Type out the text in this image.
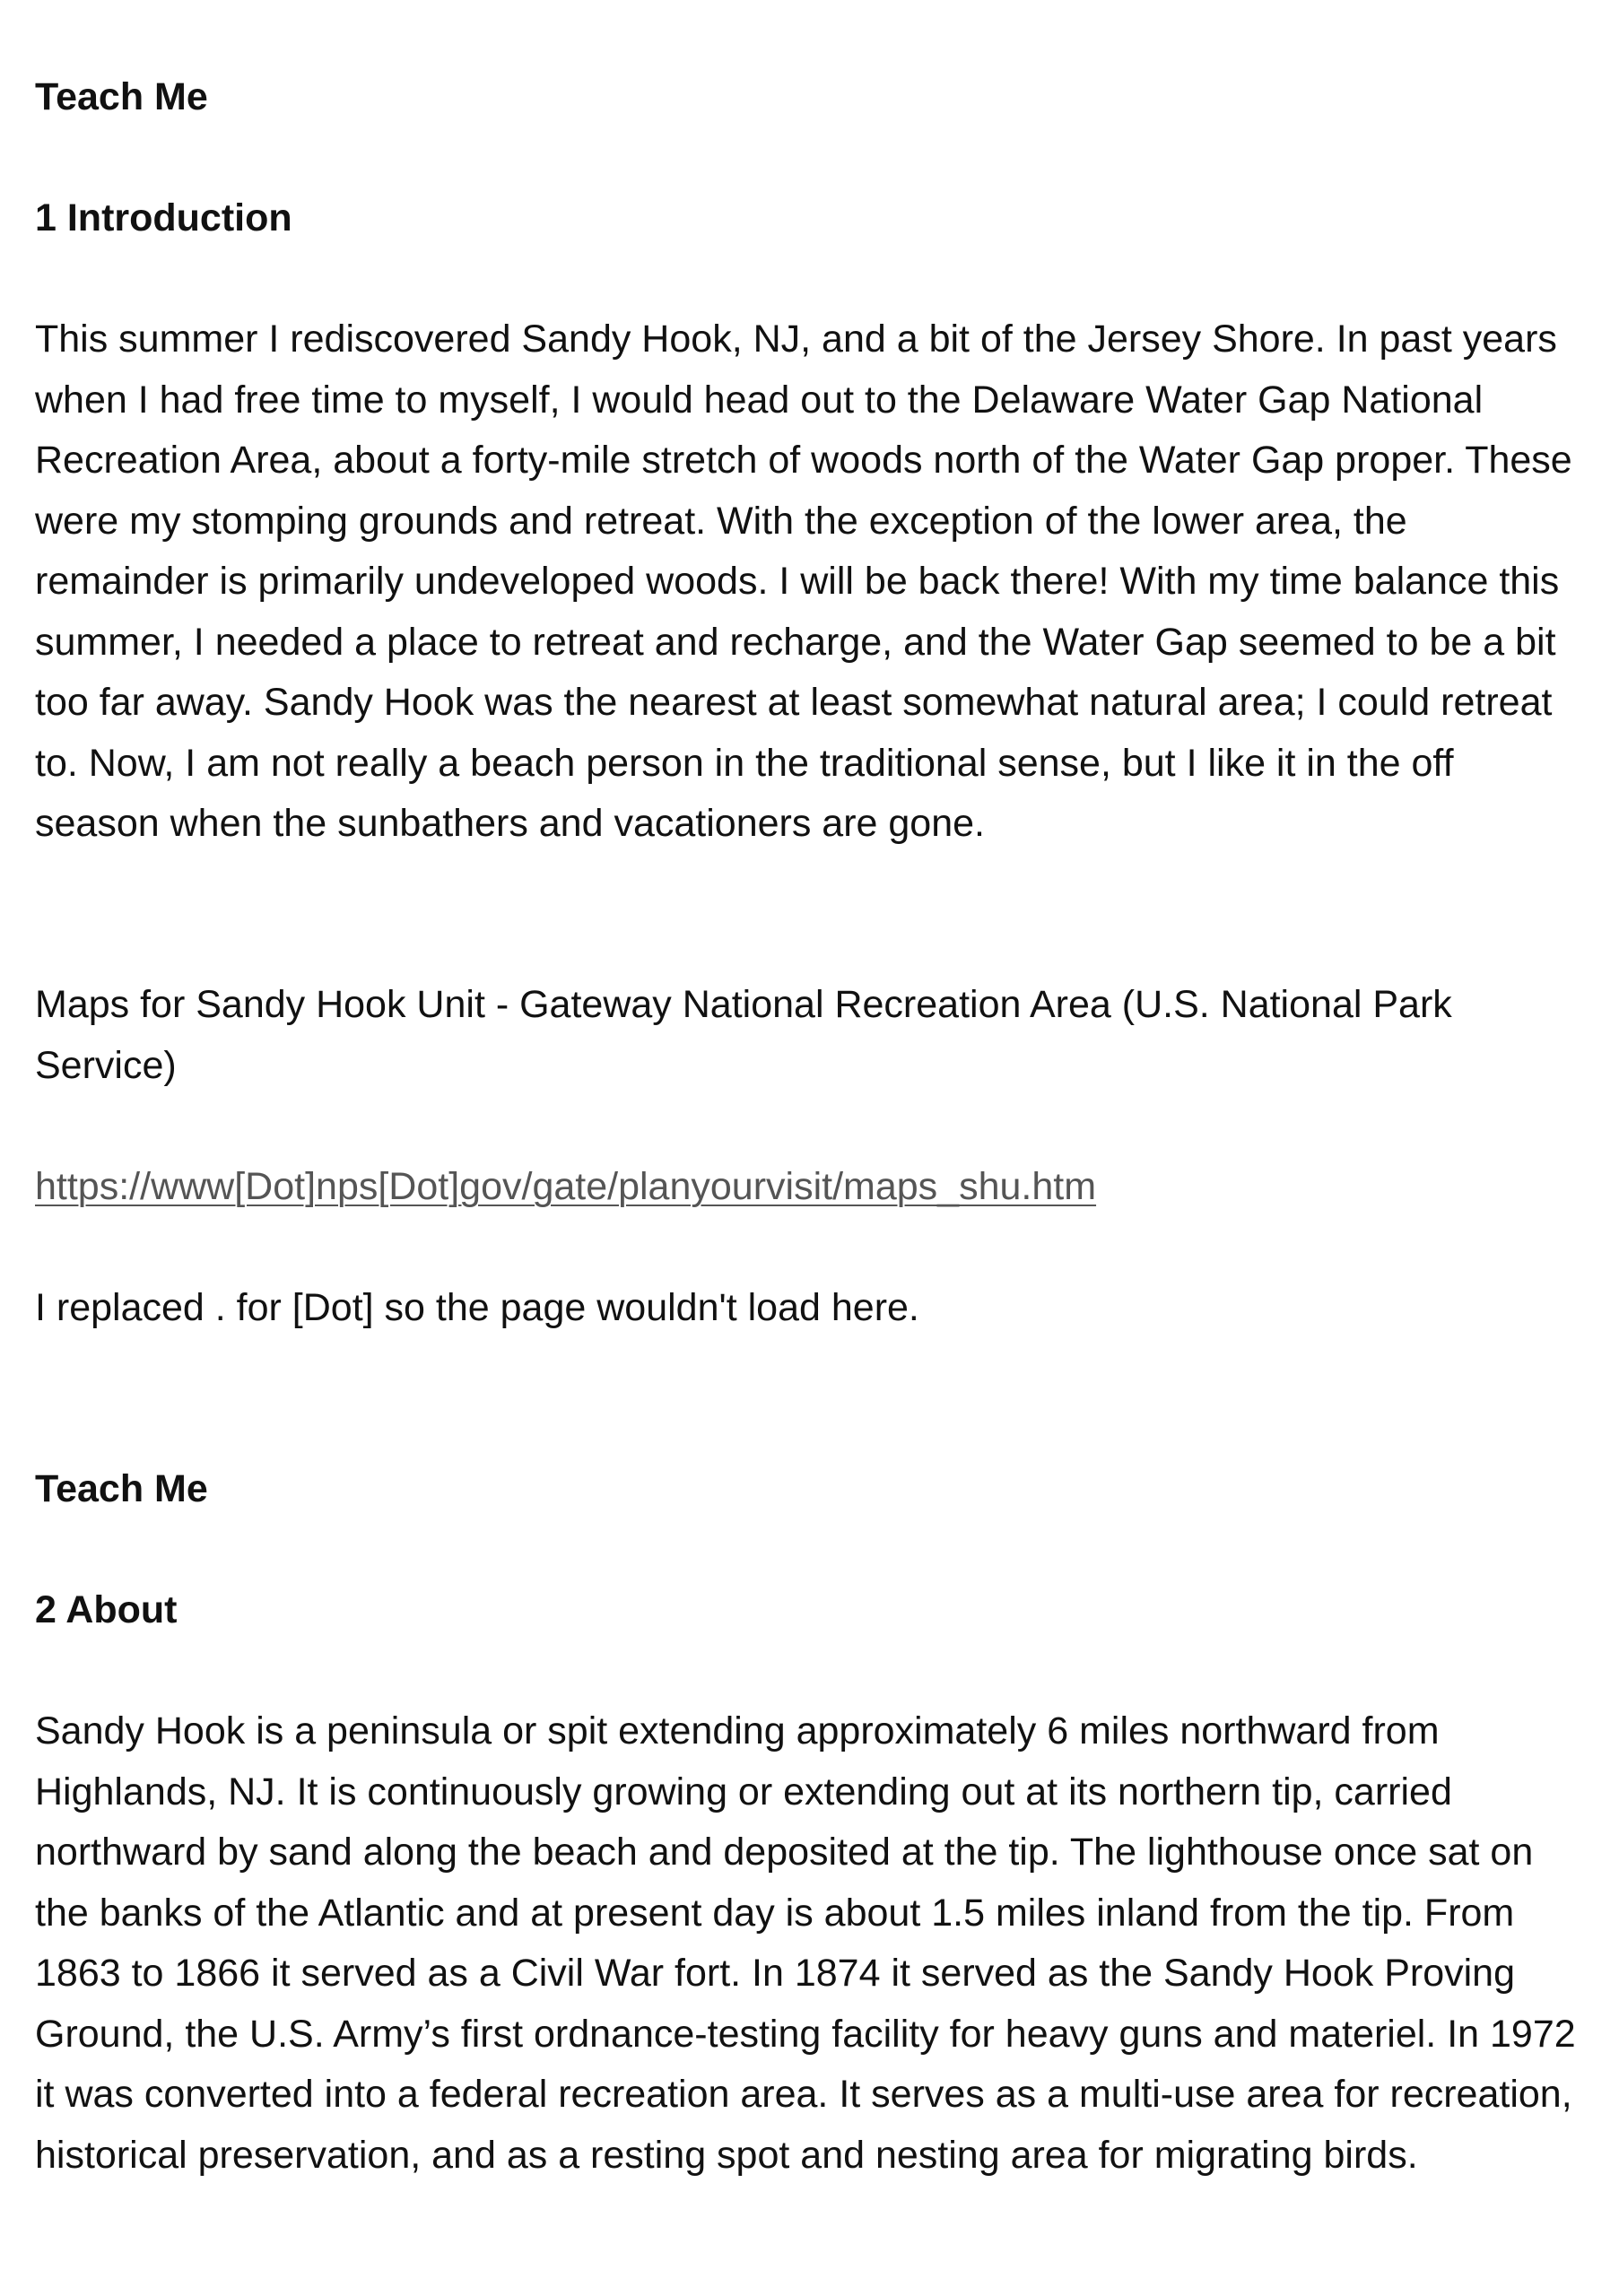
Teach Me

1 Introduction

This summer I rediscovered Sandy Hook, NJ, and a bit of the Jersey Shore. In past years when I had free time to myself, I would head out to the Delaware Water Gap National Recreation Area, about a forty-mile stretch of woods north of the Water Gap proper. These were my stomping grounds and retreat. With the exception of the lower area, the remainder is primarily undeveloped woods. I will be back there! With my time balance this summer, I needed a place to retreat and recharge, and the Water Gap seemed to be a bit too far away. Sandy Hook was the nearest at least somewhat natural area; I could retreat to. Now, I am not really a beach person in the traditional sense, but I like it in the off season when the sunbathers and vacationers are gone.

Maps for Sandy Hook Unit - Gateway National Recreation Area (U.S. National Park Service)

https://www[Dot]nps[Dot]gov/gate/planyourvisit/maps_shu.htm

I replaced . for [Dot] so the page wouldn't load here.

Teach Me

2 About

Sandy Hook is a peninsula or spit extending approximately 6 miles northward from Highlands, NJ. It is continuously growing or extending out at its northern tip, carried northward by sand along the beach and deposited at the tip. The lighthouse once sat on the banks of the Atlantic and at present day is about 1.5 miles inland from the tip. From 1863 to 1866 it served as a Civil War fort. In 1874 it served as the Sandy Hook Proving Ground, the U.S. Army’s first ordnance-testing facility for heavy guns and materiel. In 1972 it was converted into a federal recreation area. It serves as a multi-use area for recreation, historical preservation, and as a resting spot and nesting area for migrating birds.
